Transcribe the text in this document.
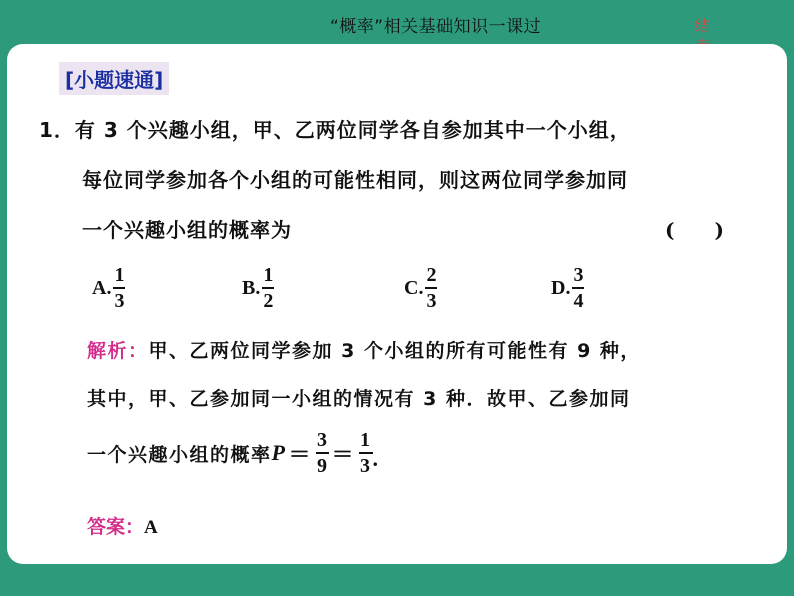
“概率”相关基础知识一课过	结
[小题速通]
1．有 3 个兴趣小组，甲、乙两位同学各自参加其中一个小组，
每位同学参加各个小组的可能性相同，则这两位同学参加同
一个兴趣小组的概率为	(　　)
A. $\frac{1}{3}$	B. $\frac{1}{2}$	C. $\frac{2}{3}$	D. $\frac{3}{4}$
解析：甲、乙两位同学参加 3 个小组的所有可能性有 9 种，
其中，甲、乙参加同一小组的情况有 3 种．故甲、乙参加同
一个兴趣小组的概率 $P = \frac{3}{9} = \frac{1}{3}$ .
答案：A
